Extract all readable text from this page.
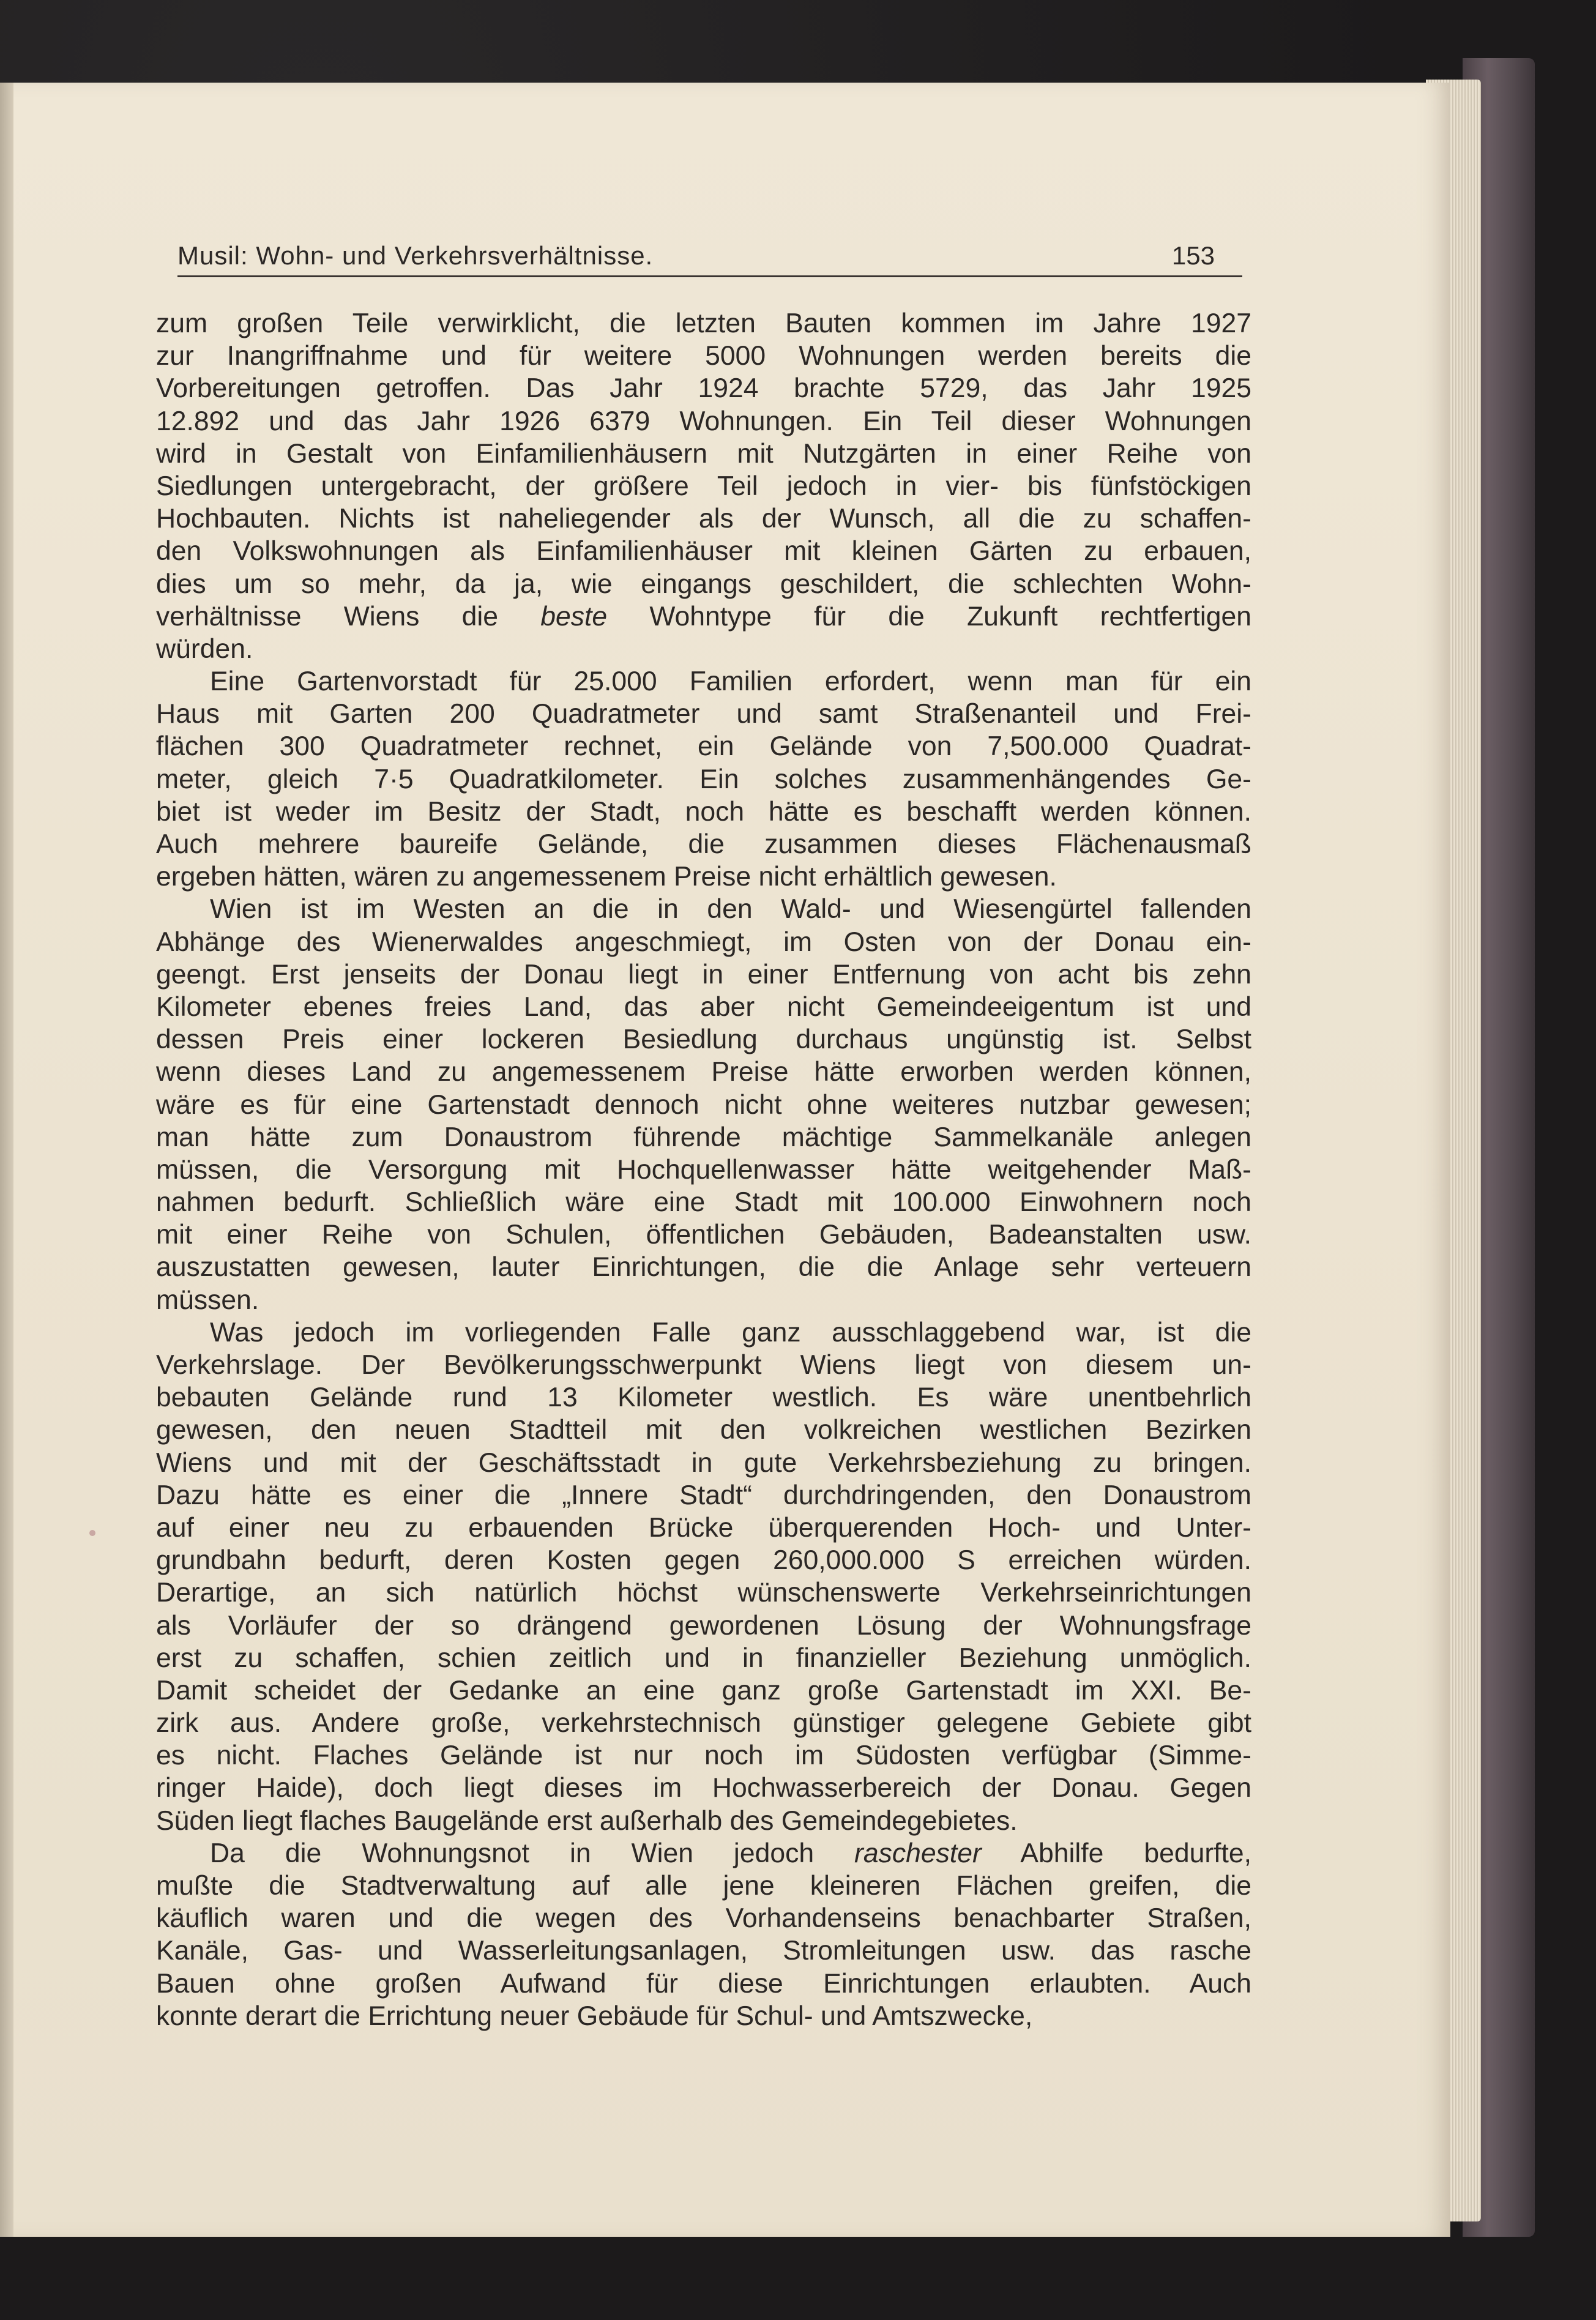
Musil: Wohn- und Verkehrsverhältnisse.	153
zum großen Teile verwirklicht, die letzten Bauten kommen im Jahre 1927
zur Inangriffnahme und für weitere 5000 Wohnungen werden bereits die
Vorbereitungen getroffen. Das Jahr 1924 brachte 5729, das Jahr 1925
12.892 und das Jahr 1926 6379 Wohnungen. Ein Teil dieser Wohnungen
wird in Gestalt von Einfamilienhäusern mit Nutzgärten in einer Reihe von
Siedlungen untergebracht, der größere Teil jedoch in vier- bis fünfstöckigen
Hochbauten. Nichts ist naheliegender als der Wunsch, all die zu schaffen-
den Volkswohnungen als Einfamilienhäuser mit kleinen Gärten zu erbauen,
dies um so mehr, da ja, wie eingangs geschildert, die schlechten Wohn-
verhältnisse Wiens die beste Wohntype für die Zukunft rechtfertigen
würden.
Eine Gartenvorstadt für 25.000 Familien erfordert, wenn man für ein
Haus mit Garten 200 Quadratmeter und samt Straßenanteil und Frei-
flächen 300 Quadratmeter rechnet, ein Gelände von 7,500.000 Quadrat-
meter, gleich 7·5 Quadratkilometer. Ein solches zusammenhängendes Ge-
biet ist weder im Besitz der Stadt, noch hätte es beschafft werden können.
Auch mehrere baureife Gelände, die zusammen dieses Flächenausmaß
ergeben hätten, wären zu angemessenem Preise nicht erhältlich gewesen.
Wien ist im Westen an die in den Wald- und Wiesengürtel fallenden
Abhänge des Wienerwaldes angeschmiegt, im Osten von der Donau ein-
geengt. Erst jenseits der Donau liegt in einer Entfernung von acht bis zehn
Kilometer ebenes freies Land, das aber nicht Gemeindeeigentum ist und
dessen Preis einer lockeren Besiedlung durchaus ungünstig ist. Selbst
wenn dieses Land zu angemessenem Preise hätte erworben werden können,
wäre es für eine Gartenstadt dennoch nicht ohne weiteres nutzbar gewesen;
man hätte zum Donaustrom führende mächtige Sammelkanäle anlegen
müssen, die Versorgung mit Hochquellenwasser hätte weitgehender Maß-
nahmen bedurft. Schließlich wäre eine Stadt mit 100.000 Einwohnern noch
mit einer Reihe von Schulen, öffentlichen Gebäuden, Badeanstalten usw.
auszustatten gewesen, lauter Einrichtungen, die die Anlage sehr verteuern
müssen.
Was jedoch im vorliegenden Falle ganz ausschlaggebend war, ist die
Verkehrslage. Der Bevölkerungsschwerpunkt Wiens liegt von diesem un-
bebauten Gelände rund 13 Kilometer westlich. Es wäre unentbehrlich
gewesen, den neuen Stadtteil mit den volkreichen westlichen Bezirken
Wiens und mit der Geschäftsstadt in gute Verkehrsbeziehung zu bringen.
Dazu hätte es einer die „Innere Stadt“ durchdringenden, den Donaustrom
auf einer neu zu erbauenden Brücke überquerenden Hoch- und Unter-
grundbahn bedurft, deren Kosten gegen 260,000.000 S erreichen würden.
Derartige, an sich natürlich höchst wünschenswerte Verkehrseinrichtungen
als Vorläufer der so drängend gewordenen Lösung der Wohnungsfrage
erst zu schaffen, schien zeitlich und in finanzieller Beziehung unmöglich.
Damit scheidet der Gedanke an eine ganz große Gartenstadt im XXI. Be-
zirk aus. Andere große, verkehrstechnisch günstiger gelegene Gebiete gibt
es nicht. Flaches Gelände ist nur noch im Südosten verfügbar (Simme-
ringer Haide), doch liegt dieses im Hochwasserbereich der Donau. Gegen
Süden liegt flaches Baugelände erst außerhalb des Gemeindegebietes.
Da die Wohnungsnot in Wien jedoch raschester Abhilfe bedurfte,
mußte die Stadtverwaltung auf alle jene kleineren Flächen greifen, die
käuflich waren und die wegen des Vorhandenseins benachbarter Straßen,
Kanäle, Gas- und Wasserleitungsanlagen, Stromleitungen usw. das rasche
Bauen ohne großen Aufwand für diese Einrichtungen erlaubten. Auch
konnte derart die Errichtung neuer Gebäude für Schul- und Amtszwecke,
